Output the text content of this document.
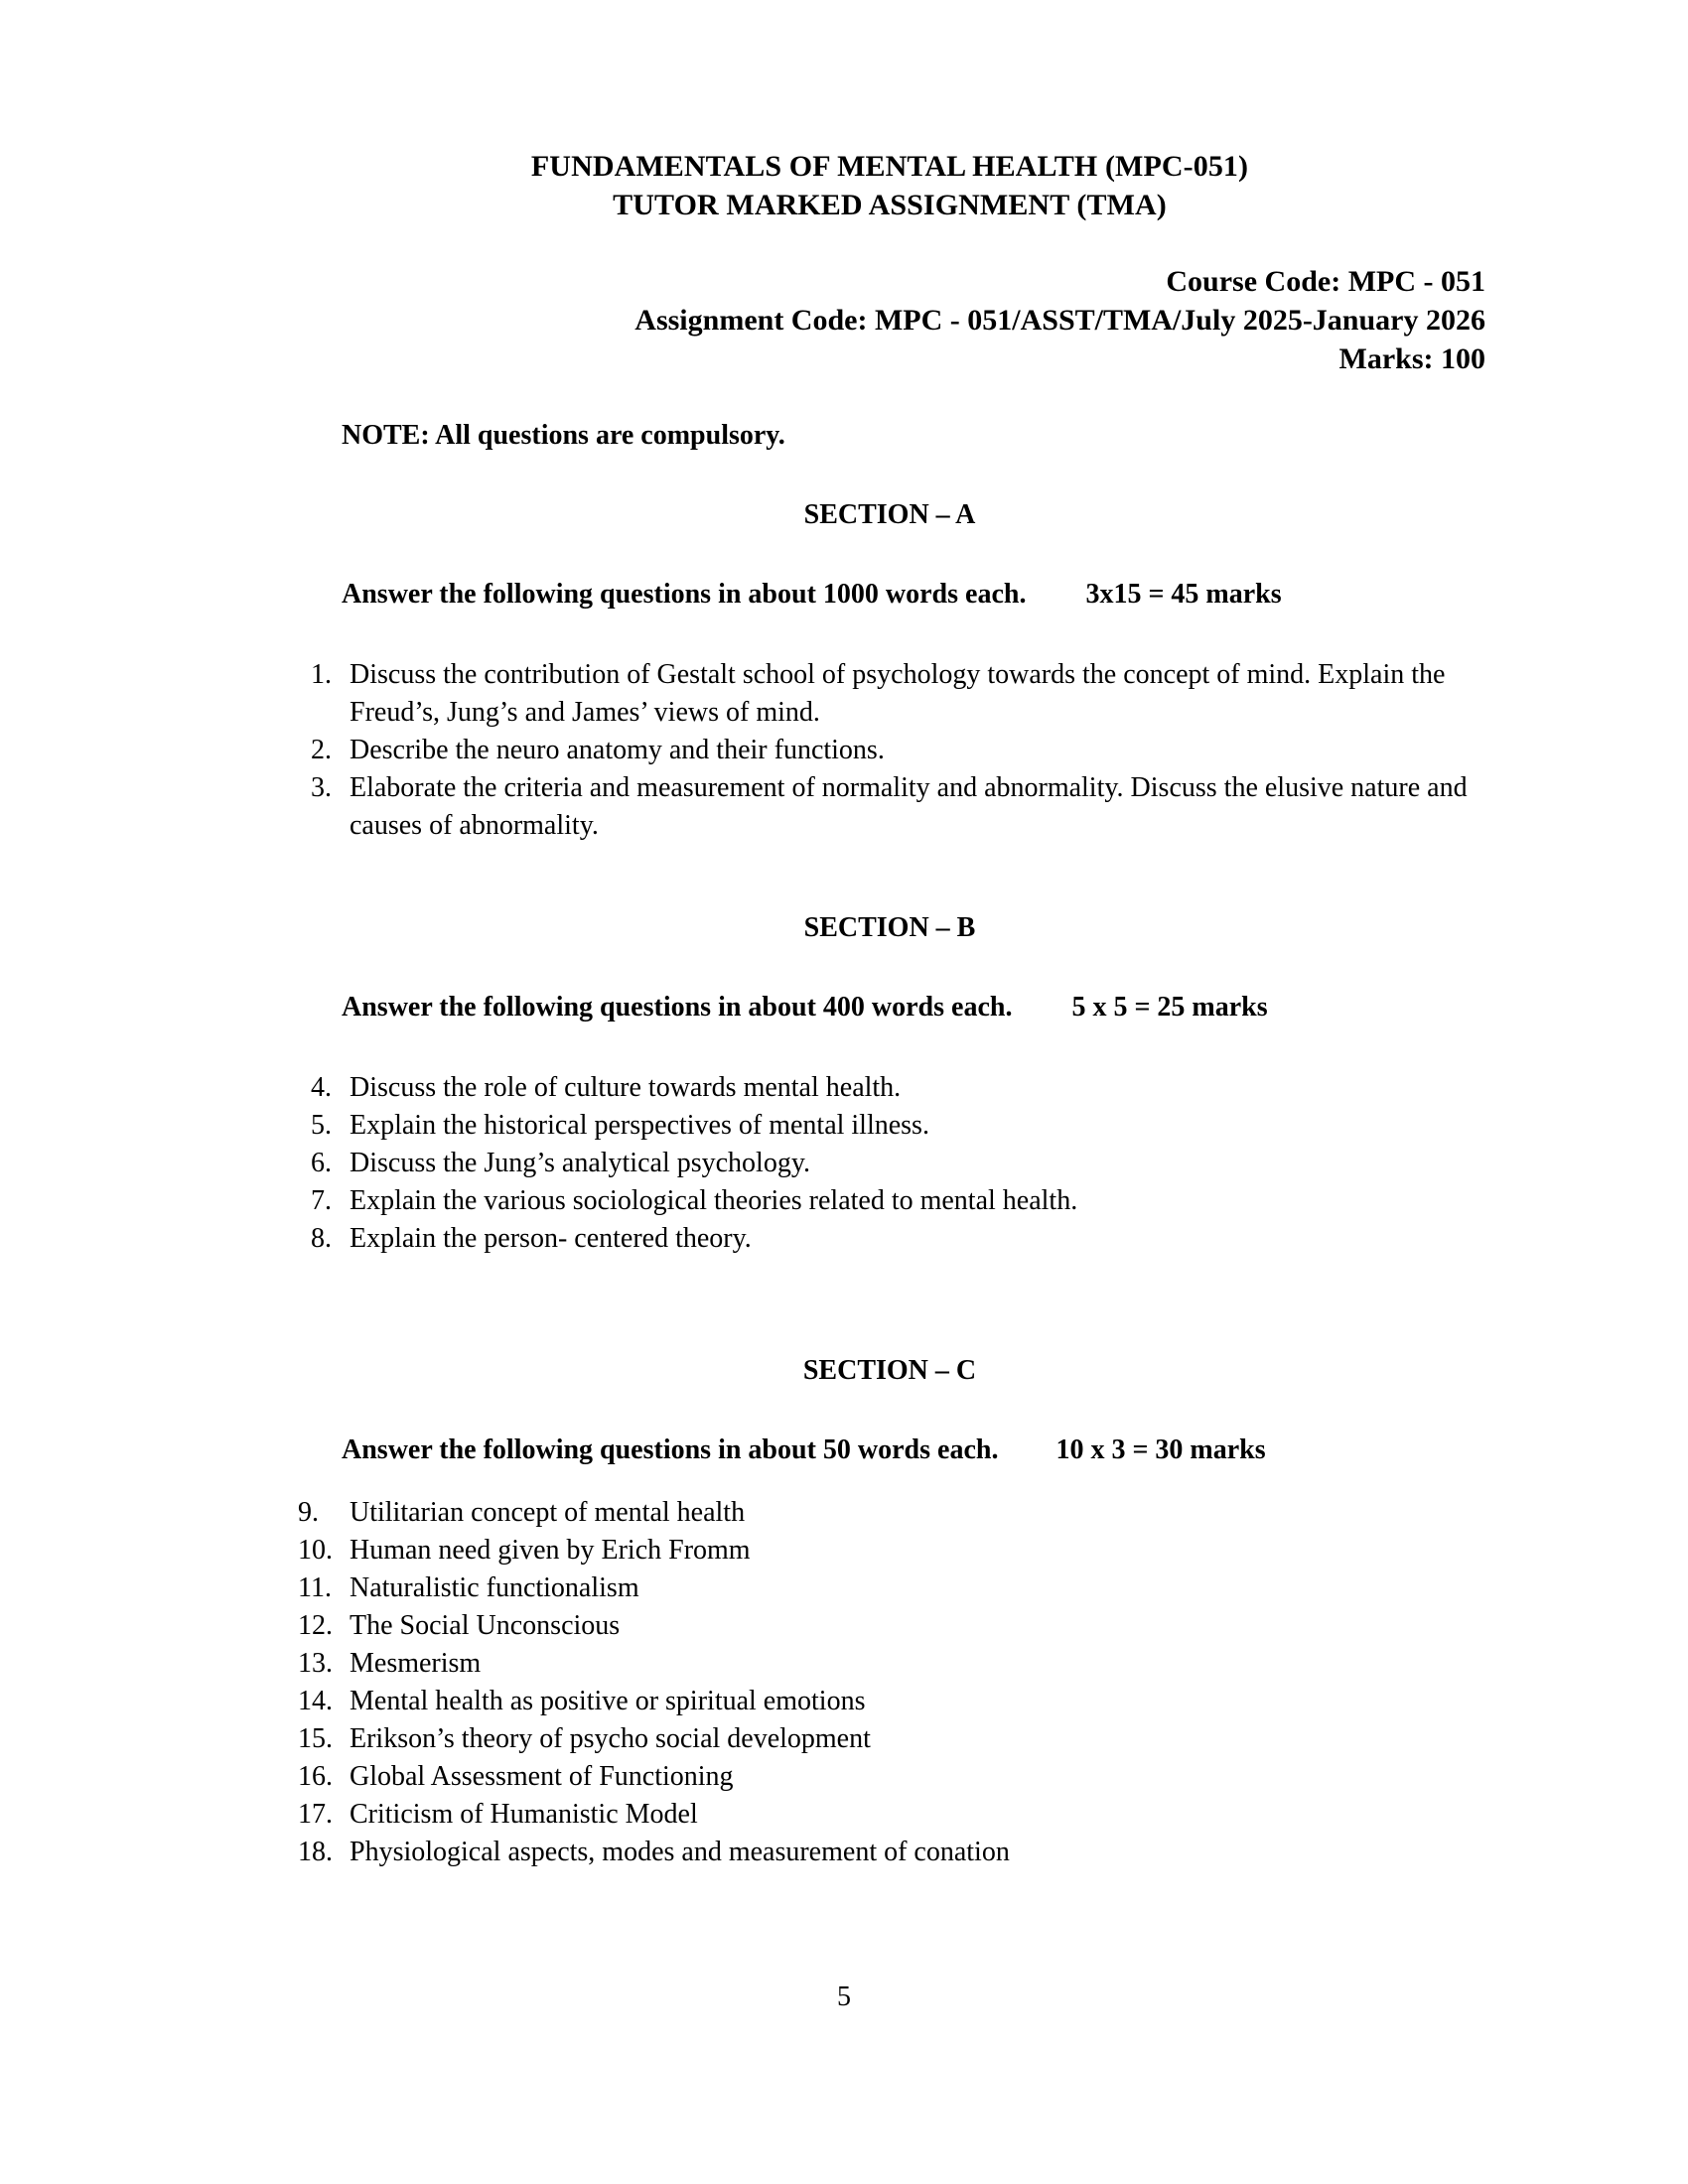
FUNDAMENTALS OF MENTAL HEALTH (MPC-051)
TUTOR MARKED ASSIGNMENT (TMA)
Course Code: MPC - 051
Assignment Code: MPC - 051/ASST/TMA/July 2025-January 2026
Marks: 100
NOTE: All questions are compulsory.
SECTION – A
Answer the following questions in about 1000 words each. 3x15 = 45 marks
1. Discuss the contribution of Gestalt school of psychology towards the concept of mind. Explain the Freud’s, Jung’s and James’ views of mind.
2. Describe the neuro anatomy and their functions.
3. Elaborate the criteria and measurement of normality and abnormality. Discuss the elusive nature and causes of abnormality.
SECTION – B
Answer the following questions in about 400 words each. 5 x 5 = 25 marks
4. Discuss the role of culture towards mental health.
5. Explain the historical perspectives of mental illness.
6. Discuss the Jung’s analytical psychology.
7. Explain the various sociological theories related to mental health.
8. Explain the person- centered theory.
SECTION – C
Answer the following questions in about 50 words each. 10 x 3 = 30 marks
9.	Utilitarian concept of mental health
10. Human need given by Erich Fromm
11. Naturalistic functionalism
12. The Social Unconscious
13. Mesmerism
14. Mental health as positive or spiritual emotions
15. Erikson’s theory of psycho social development
16. Global Assessment of Functioning
17. Criticism of Humanistic Model
18. Physiological aspects, modes and measurement of conation
5
